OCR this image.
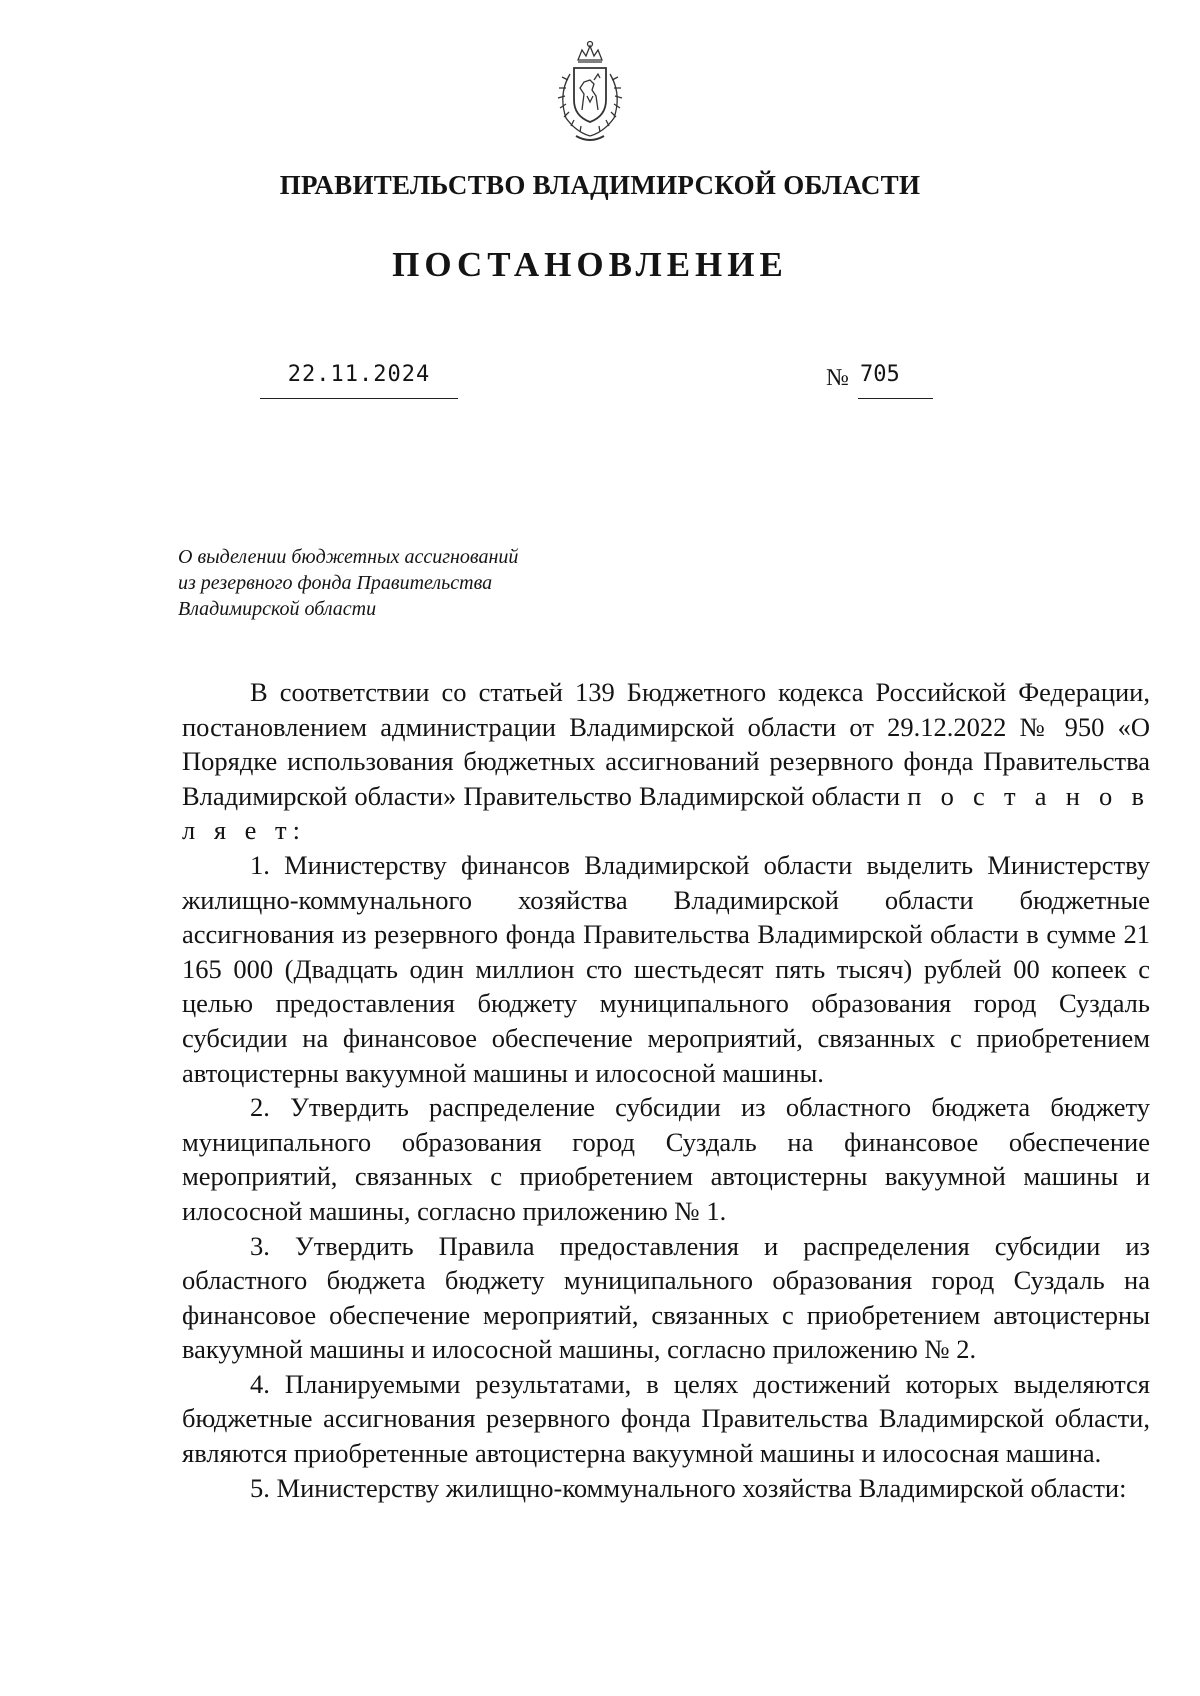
ПРАВИТЕЛЬСТВО ВЛАДИМИРСКОЙ ОБЛАСТИ
ПОСТАНОВЛЕНИЕ
22.11.2024	№ 705
О выделении бюджетных ассигнований
из резервного фонда Правительства
Владимирской области

В соответствии со статьей 139 Бюджетного кодекса Российской Федерации, постановлением администрации Владимирской области от 29.12.2022 № 950 «О Порядке использования бюджетных ассигнований резервного фонда Правительства Владимирской области» Правительство Владимирской области п о с т а н о в л я е т:

1. Министерству финансов Владимирской области выделить Министерству жилищно-коммунального хозяйства Владимирской области бюджетные ассигнования из резервного фонда Правительства Владимирской области в сумме 21 165 000 (Двадцать один миллион сто шестьдесят пять тысяч) рублей 00 копеек с целью предоставления бюджету муниципального образования город Суздаль субсидии на финансовое обеспечение мероприятий, связанных с приобретением автоцистерны вакуумной машины и илососной машины.

2. Утвердить распределение субсидии из областного бюджета бюджету муниципального образования город Суздаль на финансовое обеспечение мероприятий, связанных с приобретением автоцистерны вакуумной машины и илососной машины, согласно приложению № 1.

3. Утвердить Правила предоставления и распределения субсидии из областного бюджета бюджету муниципального образования город Суздаль на финансовое обеспечение мероприятий, связанных с приобретением автоцистерны вакуумной машины и илососной машины, согласно приложению № 2.

4. Планируемыми результатами, в целях достижений которых выделяются бюджетные ассигнования резервного фонда Правительства Владимирской области, являются приобретенные автоцистерна вакуумной машины и илососная машина.

5. Министерству жилищно-коммунального хозяйства Владимирской области:
